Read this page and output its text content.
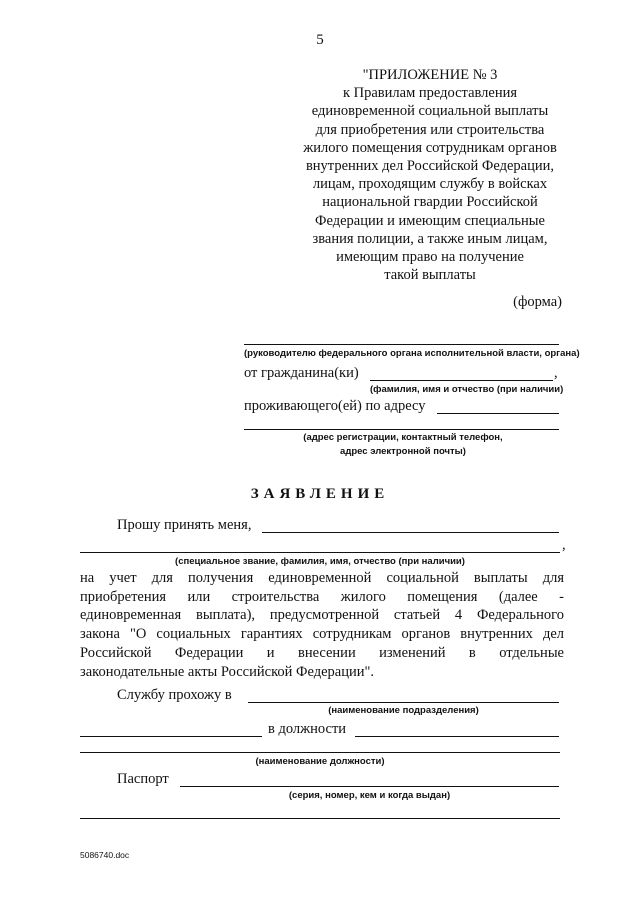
5
"ПРИЛОЖЕНИЕ № 3
к Правилам предоставления
единовременной социальной выплаты
для приобретения или строительства
жилого помещения сотрудникам органов
внутренних дел Российской Федерации,
лицам, проходящим службу в войсках
национальной гвардии Российской
Федерации и имеющим специальные
звания полиции, а также иным лицам,
имеющим право на получение
такой выплаты
(форма)
(руководителю федерального органа исполнительной власти, органа)
от гражданина(ки)	,
(фамилия, имя и отчество (при наличии)
проживающего(ей) по адресу
(адрес регистрации, контактный телефон,
адрес электронной почты)
ЗАЯВЛЕНИЕ
Прошу принять меня,
,
(специальное звание, фамилия, имя, отчество (при наличии)
на учет для получения единовременной социальной выплаты для
приобретения или строительства жилого помещения (далее -
единовременная выплата), предусмотренной статьей 4 Федерального
закона "О социальных гарантиях сотрудникам органов внутренних дел
Российской Федерации и внесении изменений в отдельные
законодательные акты Российской Федерации".
Службу прохожу в
(наименование подразделения)
в должности
(наименование должности)
Паспорт
(серия, номер, кем и когда выдан)
5086740.doc
